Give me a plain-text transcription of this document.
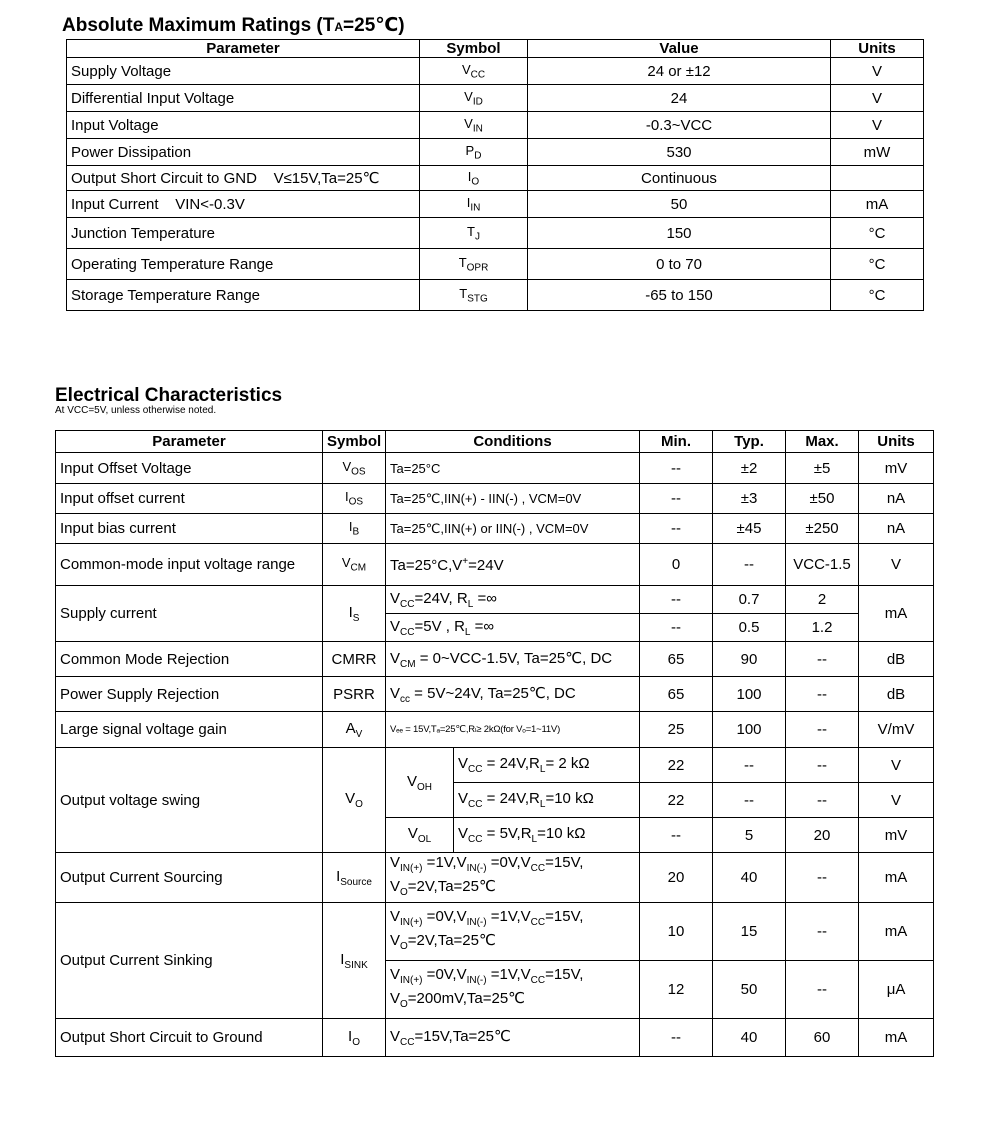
Absolute Maximum Ratings (TA=25℃)
Parameter	Symbol	Value	Units
Supply Voltage	$V_{CC}$	24 or ±12	V
Differential Input Voltage	$V_{ID}$	24	V
Input Voltage	$V_{IN}$	-0.3~VCC	V
Power Dissipation	$P_D$	530	mW
Output Short Circuit to GND    V≤15V,Ta=25℃	$I_O$	Continuous	
Input Current    VIN<-0.3V	$I_{IN}$	50	mA
Junction Temperature	$T_J$	150	°C
Operating Temperature Range	$T_{OPR}$	0 to 70	°C
Storage Temperature Range	$T_{STG}$	-65 to 150	°C
Electrical Characteristics
At VCC=5V, unless otherwise noted.
Parameter	Symbol	Conditions		Min.	Typ.	Max.	Units
Input Offset Voltage	$V_{OS}$	Ta=25°C		--	±2	±5	mV
Input offset current	$I_{OS}$	Ta=25℃,IIN(+) - IIN(-) , VCM=0V		--	±3	±50	nA
Input bias current	$I_B$	Ta=25℃,IIN(+) or IIN(-) , VCM=0V		--	±45	±250	nA
Common-mode input voltage range	$V_{CM}$	Ta=25°C,V+=24V		0	--	VCC-1.5	V
Supply current	$I_S$	$V_{CC}=24V$, $R_L$ =∞		--	0.7	2	mA
		$V_{CC}=5V$ , $R_L$ =∞		--	0.5	1.2	
Common Mode Rejection	CMRR	$V_{CM}$ = 0~VCC-1.5V, Ta=25℃, DC		65	90	--	dB
Power Supply Rejection	PSRR	$V_{cc}$ = 5V~24V, Ta=25℃, DC		65	100	--	dB
Large signal voltage gain	$A_V$	Vₑₑ = 15V,Tₐ=25℃,Rₗ≥ 2kΩ(for Vₒ=1~11V)		25	100	--	V/mV
Output voltage swing	$V_O$	$V_{OH}$	$V_{CC} = 24V,R_L= 2$ kΩ	22	--	--	V
			$V_{CC} = 24V,R_L=10$ kΩ	22	--	--	V
		$V_{OL}$	$V_{CC} = 5V,R_L=10$ kΩ	--	5	20	mV
Output Current Sourcing	$I_{Source}$	$V_{IN(+)} =1V,V_{IN(-)} =0V,V_{CC}=15V$,
$V_O=2V,Ta=25℃$		20	40	--	mA
Output Current Sinking	$I_{SINK}$	$V_{IN(+)} =0V,V_{IN(-)} =1V,V_{CC}=15V$,
$V_O=2V,Ta=25℃$		10	15	--	mA

		$V_{IN(+)} =0V,V_{IN(-)} =1V,V_{CC}=15V$,
$V_O=200mV,Ta=25℃$		12	50	--	μA
Output Short Circuit to Ground	$I_O$	$V_{CC}=15V,Ta=25℃$		--	40	60	mA
